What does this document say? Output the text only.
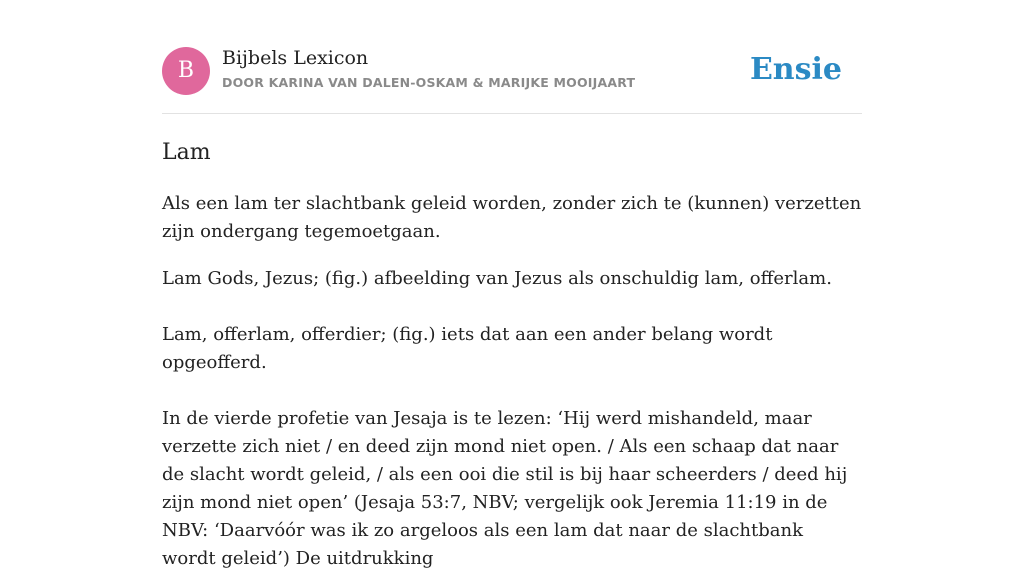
B	Bijbels Lexicon
DOOR KARINA VAN DALEN-OSKAM & MARIJKE MOOIJAART	Ensie
Lam

Als een lam ter slachtbank geleid worden, zonder zich te (kunnen) verzetten zijn ondergang tegemoetgaan.

Lam Gods, Jezus; (fig.) afbeelding van Jezus als onschuldig lam, offerlam.

Lam, offerlam, offerdier; (fig.) iets dat aan een ander belang wordt opgeofferd.

In de vierde profetie van Jesaja is te lezen: ‘Hij werd mishandeld, maar verzette zich niet / en deed zijn mond niet open. / Als een schaap dat naar de slacht wordt geleid, / als een ooi die stil is bij haar scheerders / deed hij zijn mond niet open’ (Jesaja 53:7, NBV; vergelijk ook Jeremia 11:19 in de NBV: ‘Daarvóór was ik zo argeloos als een lam dat naar de slachtbank wordt geleid’) De uitdrukking
